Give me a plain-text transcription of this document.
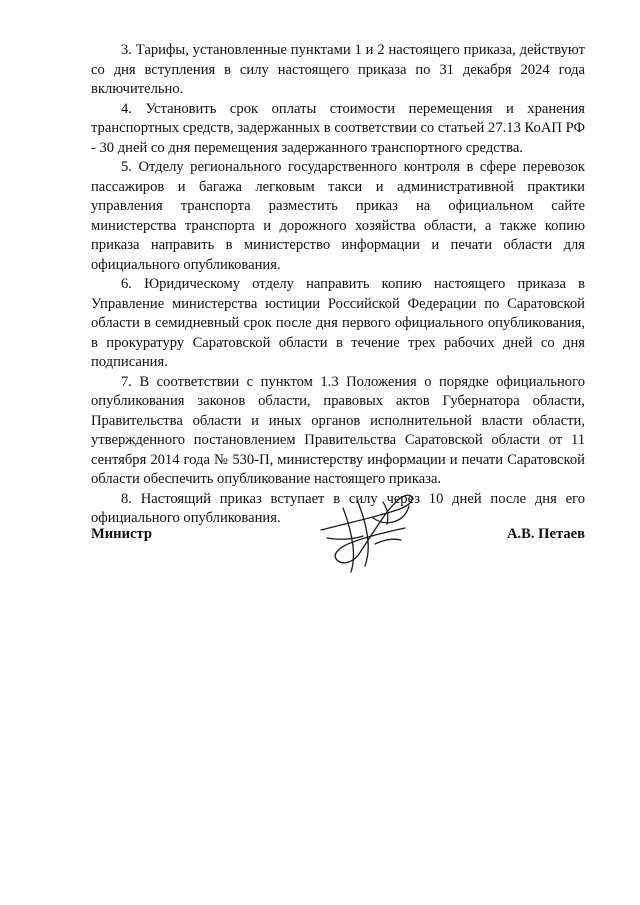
3. Тарифы, установленные пунктами 1 и 2 настоящего приказа, действуют со дня вступления в силу настоящего приказа по 31 декабря 2024 года включительно.

4. Установить срок оплаты стоимости перемещения и хранения транспортных средств, задержанных в соответствии со статьей 27.13 КоАП РФ - 30 дней со дня перемещения задержанного транспортного средства.

5. Отделу регионального государственного контроля в сфере перевозок пассажиров и багажа легковым такси и административной практики управления транспорта разместить приказ на официальном сайте министерства транспорта и дорожного хозяйства области, а также копию приказа направить в министерство информации и печати области для официального опубликования.

6. Юридическому отделу направить копию настоящего приказа в Управление министерства юстиции Российской Федерации по Саратовской области в семидневный срок после дня первого официального опубликования, в прокуратуру Саратовской области в течение трех рабочих дней со дня подписания.

7. В соответствии с пунктом 1.3 Положения о порядке официального опубликования законов области, правовых актов Губернатора области, Правительства области и иных органов исполнительной власти области, утвержденного постановлением Правительства Саратовской области от 11 сентября 2014 года № 530-П, министерству информации и печати Саратовской области обеспечить опубликование настоящего приказа.

8. Настоящий приказ вступает в силу через 10 дней после дня его официального опубликования.

Министр	А.В. Петаев
